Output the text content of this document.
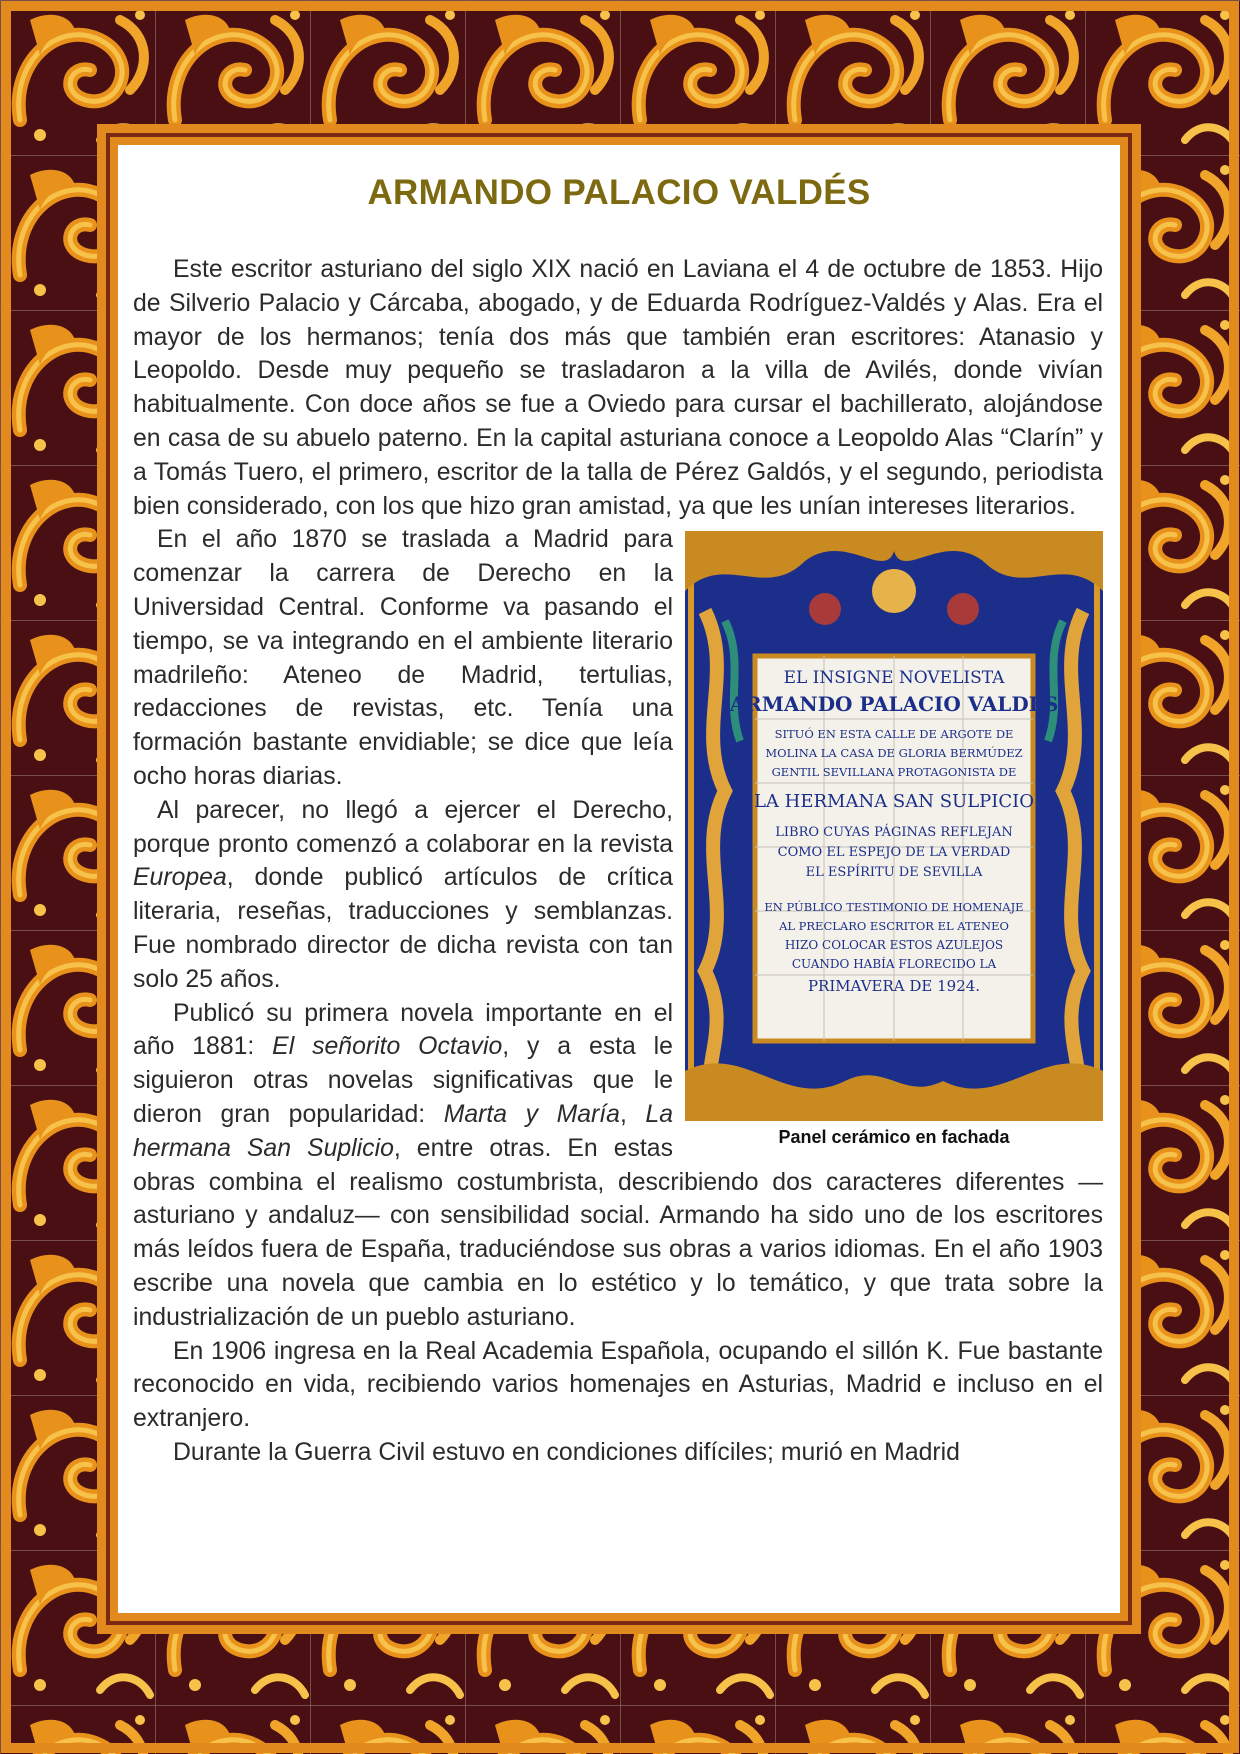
ARMANDO PALACIO VALDÉS

Este escritor asturiano del siglo XIX nació en Laviana el 4 de octubre de 1853. Hijo de Silverio Palacio y Cárcaba, abogado, y de Eduarda Rodríguez-Valdés y Alas. Era el mayor de los hermanos; tenía dos más que también eran escritores: Atanasio y Leopoldo. Desde muy pequeño se trasladaron a la villa de Avilés, donde vivían habitualmente. Con doce años se fue a Oviedo para cursar el bachillerato, alojándose en casa de su abuelo paterno. En la capital asturiana conoce a Leopoldo Alas “Clarín” y a Tomás Tuero, el primero, escritor de la talla de Pérez Galdós, y el segundo, periodista bien considerado, con los que hizo gran amistad, ya que les unían intereses literarios.

EL INSIGNE NOVELISTA
ARMANDO PALACIO VALDÉS
SITUÓ EN ESTA CALLE DE ARGOTE DE
MOLINA LA CASA DE GLORIA BERMÚDEZ
GENTIL SEVILLANA PROTAGONISTA DE
LA HERMANA SAN SULPICIO
LIBRO CUYAS PÁGINAS REFLEJAN
COMO EL ESPEJO DE LA VERDAD
EL ESPÍRITU DE SEVILLA
EN PÚBLICO TESTIMONIO DE HOMENAJE
AL PRECLARO ESCRITOR EL ATENEO
HIZO COLOCAR ESTOS AZULEJOS
CUANDO HABÍA FLORECIDO LA
PRIMAVERA DE 1924.
Panel cerámico en fachada

En el año 1870 se traslada a Madrid para comenzar la carrera de Derecho en la Universidad Central. Conforme va pasando el tiempo, se va integrando en el ambiente literario madrileño: Ateneo de Madrid, tertulias, redacciones de revistas, etc. Tenía una formación bastante envidiable; se dice que leía ocho horas diarias.

Al parecer, no llegó a ejercer el Derecho, porque pronto comenzó a colaborar en la revista Europea, donde publicó artículos de crítica literaria, reseñas, traducciones y semblanzas. Fue nombrado director de dicha revista con tan solo 25 años.

Publicó su primera novela importante en el año 1881: El señorito Octavio, y a esta le siguieron otras novelas significativas que le dieron gran popularidad: Marta y María, La hermana San Suplicio, entre otras. En estas obras combina el realismo costumbrista, describiendo dos caracteres diferentes —asturiano y andaluz— con sensibilidad social. Armando ha sido uno de los escritores más leídos fuera de España, traduciéndose sus obras a varios idiomas. En el año 1903 escribe una novela que cambia en lo estético y lo temático, y que trata sobre la industrialización de un pueblo asturiano.

En 1906 ingresa en la Real Academia Española, ocupando el sillón K. Fue bastante reconocido en vida, recibiendo varios homenajes en Asturias, Madrid e incluso en el extranjero.

Durante la Guerra Civil estuvo en condiciones difíciles; murió en Madrid
